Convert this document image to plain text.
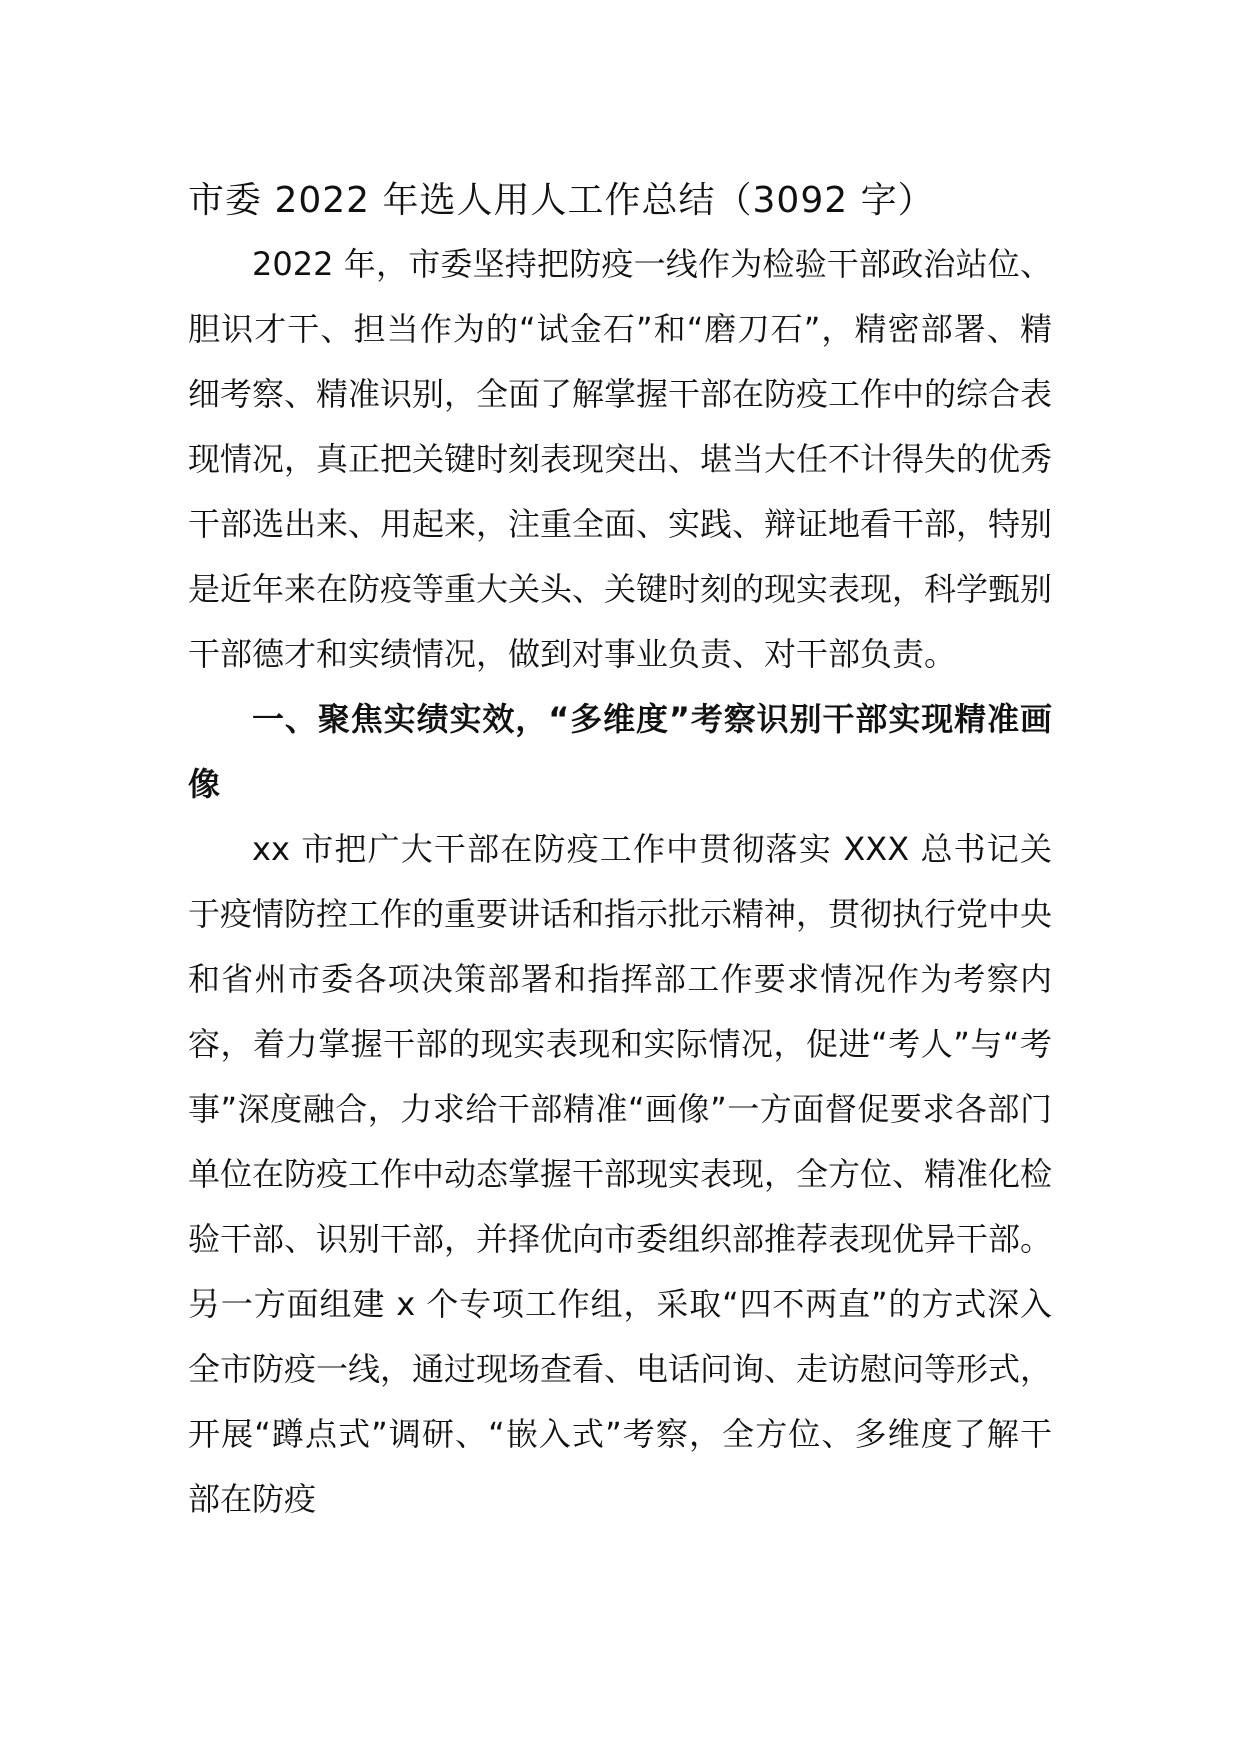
市委 2022 年选人用人工作总结（3092 字）

2022 年，市委坚持把防疫一线作为检验干部政治站位、胆识才干、担当作为的“试金石”和“磨刀石”，精密部署、精细考察、精准识别，全面了解掌握干部在防疫工作中的综合表现情况，真正把关键时刻表现突出、堪当大任不计得失的优秀干部选出来、用起来，注重全面、实践、辩证地看干部，特别是近年来在防疫等重大关头、关键时刻的现实表现，科学甄别干部德才和实绩情况，做到对事业负责、对干部负责。

一、聚焦实绩实效，“多维度”考察识别干部实现精准画像

xx 市把广大干部在防疫工作中贯彻落实 XXX 总书记关于疫情防控工作的重要讲话和指示批示精神，贯彻执行党中央和省州市委各项决策部署和指挥部工作要求情况作为考察内容，着力掌握干部的现实表现和实际情况，促进“考人”与“考事”深度融合，力求给干部精准“画像”一方面督促要求各部门单位在防疫工作中动态掌握干部现实表现，全方位、精准化检验干部、识别干部，并择优向市委组织部推荐表现优异干部。另一方面组建 x 个专项工作组，采取“四不两直”的方式深入全市防疫一线，通过现场查看、电话问询、走访慰问等形式，开展“蹲点式”调研、“嵌入式”考察，全方位、多维度了解干部在防疫
